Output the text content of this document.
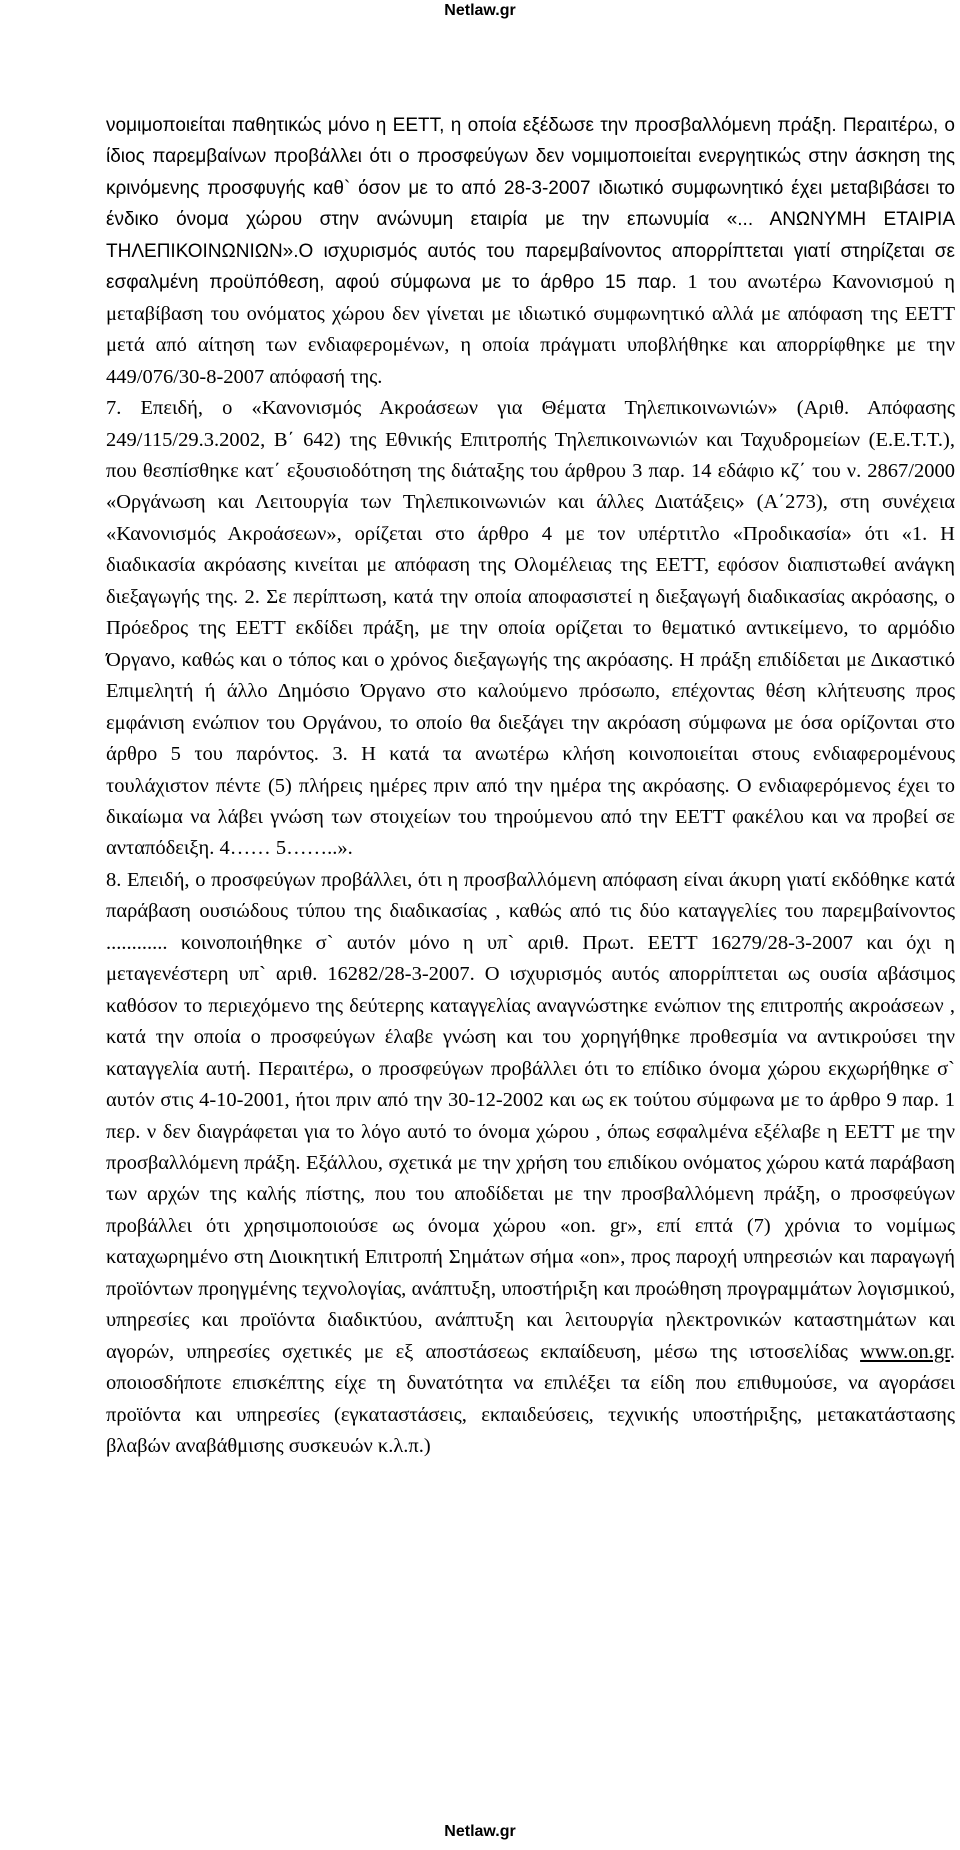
Netlaw.gr

νομιμοποιείται παθητικώς μόνο η ΕΕΤΤ, η οποία εξέδωσε την προσβαλλόμενη πράξη. Περαιτέρω, ο ίδιος παρεμβαίνων προβάλλει ότι ο προσφεύγων δεν νομιμοποιείται ενεργητικώς στην άσκηση της κρινόμενης προσφυγής καθ` όσον με το από 28-3-2007 ιδιωτικό συμφωνητικό έχει μεταβιβάσει το ένδικο όνομα χώρου στην ανώνυμη εταιρία με την επωνυμία «... ΑΝΩΝΥΜΗ ΕΤΑΙΡΙΑ ΤΗΛΕΠΙΚΟΙΝΩΝΙΩΝ».Ο ισχυρισμός αυτός του παρεμβαίνοντος απορρίπτεται γιατί στηρίζεται σε εσφαλμένη προϋπόθεση, αφού σύμφωνα με το άρθρο 15 παρ. 1 του ανωτέρω Κανονισμού η μεταβίβαση του ονόματος χώρου δεν γίνεται με ιδιωτικό συμφωνητικό αλλά με απόφαση της ΕΕΤΤ μετά από αίτηση των ενδιαφερομένων, η οποία πράγματι υποβλήθηκε και απορρίφθηκε με την 449/076/30-8-2007 απόφασή της.

7. Επειδή, ο «Κανονισμός Ακροάσεων για Θέματα Τηλεπικοινωνιών» (Αριθ. Απόφασης 249/115/29.3.2002, Β΄ 642) της Εθνικής Επιτροπής Τηλεπικοινωνιών και Ταχυδρομείων (Ε.Ε.Τ.Τ.), που θεσπίσθηκε κατ΄ εξουσιοδότηση της διάταξης του άρθρου 3 παρ. 14 εδάφιο κζ΄ του ν. 2867/2000 «Οργάνωση και Λειτουργία των Τηλεπικοινωνιών και άλλες Διατάξεις» (Α΄273), στη συνέχεια «Κανονισμός Ακροάσεων», ορίζεται στο άρθρο 4 με τον υπέρτιτλο «Προδικασία» ότι «1. Η διαδικασία ακρόασης κινείται με απόφαση της Ολομέλειας της ΕΕΤΤ, εφόσον διαπιστωθεί ανάγκη διεξαγωγής της. 2. Σε περίπτωση, κατά την οποία αποφασιστεί η διεξαγωγή διαδικασίας ακρόασης, ο Πρόεδρος της ΕΕΤΤ εκδίδει πράξη, με την οποία ορίζεται το θεματικό αντικείμενο, το αρμόδιο Όργανο, καθώς και ο τόπος και ο χρόνος διεξαγωγής της ακρόασης. Η πράξη επιδίδεται με Δικαστικό Επιμελητή ή άλλο Δημόσιο Όργανο στο καλούμενο πρόσωπο, επέχοντας θέση κλήτευσης προς εμφάνιση ενώπιον του Οργάνου, το οποίο θα διεξάγει την ακρόαση σύμφωνα με όσα ορίζονται στο άρθρο 5 του παρόντος. 3. Η κατά τα ανωτέρω κλήση κοινοποιείται στους ενδιαφερομένους τουλάχιστον πέντε (5) πλήρεις ημέρες πριν από την ημέρα της ακρόασης. Ο ενδιαφερόμενος έχει το δικαίωμα να λάβει γνώση των στοιχείων του τηρούμενου από την ΕΕΤΤ φακέλου και να προβεί σε ανταπόδειξη. 4…… 5……..».

8. Επειδή, ο προσφεύγων προβάλλει, ότι η προσβαλλόμενη απόφαση είναι άκυρη γιατί εκδόθηκε κατά παράβαση ουσιώδους τύπου της διαδικασίας , καθώς από τις δύο καταγγελίες του παρεμβαίνοντος ............ κοινοποιήθηκε σ` αυτόν μόνο η υπ` αριθ. Πρωτ. ΕΕΤΤ 16279/28-3-2007 και όχι η μεταγενέστερη υπ` αριθ. 16282/28-3-2007. Ο ισχυρισμός αυτός απορρίπτεται ως ουσία αβάσιμος καθόσον το περιεχόμενο της δεύτερης καταγγελίας αναγνώστηκε ενώπιον της επιτροπής ακροάσεων , κατά την οποία ο προσφεύγων έλαβε γνώση και του χορηγήθηκε προθεσμία να αντικρούσει την καταγγελία αυτή. Περαιτέρω, ο προσφεύγων προβάλλει ότι το επίδικο όνομα χώρου εκχωρήθηκε σ` αυτόν στις 4-10-2001, ήτοι πριν από την 30-12-2002 και ως εκ τούτου σύμφωνα με το άρθρο 9 παρ. 1 περ. ν δεν διαγράφεται για το λόγο αυτό το όνομα χώρου , όπως εσφαλμένα εξέλαβε η ΕΕΤΤ με την προσβαλλόμενη πράξη. Εξάλλου, σχετικά με την χρήση του επιδίκου ονόματος χώρου κατά παράβαση των αρχών της καλής πίστης, που του αποδίδεται με την προσβαλλόμενη πράξη, ο προσφεύγων προβάλλει ότι χρησιμοποιούσε ως όνομα χώρου «on. gr», επί επτά (7) χρόνια το νομίμως καταχωρημένο στη Διοικητική Επιτροπή Σημάτων σήμα «on», προς παροχή υπηρεσιών και παραγωγή προϊόντων προηγμένης τεχνολογίας, ανάπτυξη, υποστήριξη και προώθηση προγραμμάτων λογισμικού, υπηρεσίες και προϊόντα διαδικτύου, ανάπτυξη και λειτουργία ηλεκτρονικών καταστημάτων και αγορών, υπηρεσίες σχετικές με εξ αποστάσεως εκπαίδευση, μέσω της ιστοσελίδας www.on.gr. οποιοσδήποτε επισκέπτης είχε τη δυνατότητα να επιλέξει τα είδη που επιθυμούσε, να αγοράσει προϊόντα και υπηρεσίες (εγκαταστάσεις, εκπαιδεύσεις, τεχνικής υποστήριξης, μετακατάστασης βλαβών αναβάθμισης συσκευών κ.λ.π.)

Netlaw.gr
